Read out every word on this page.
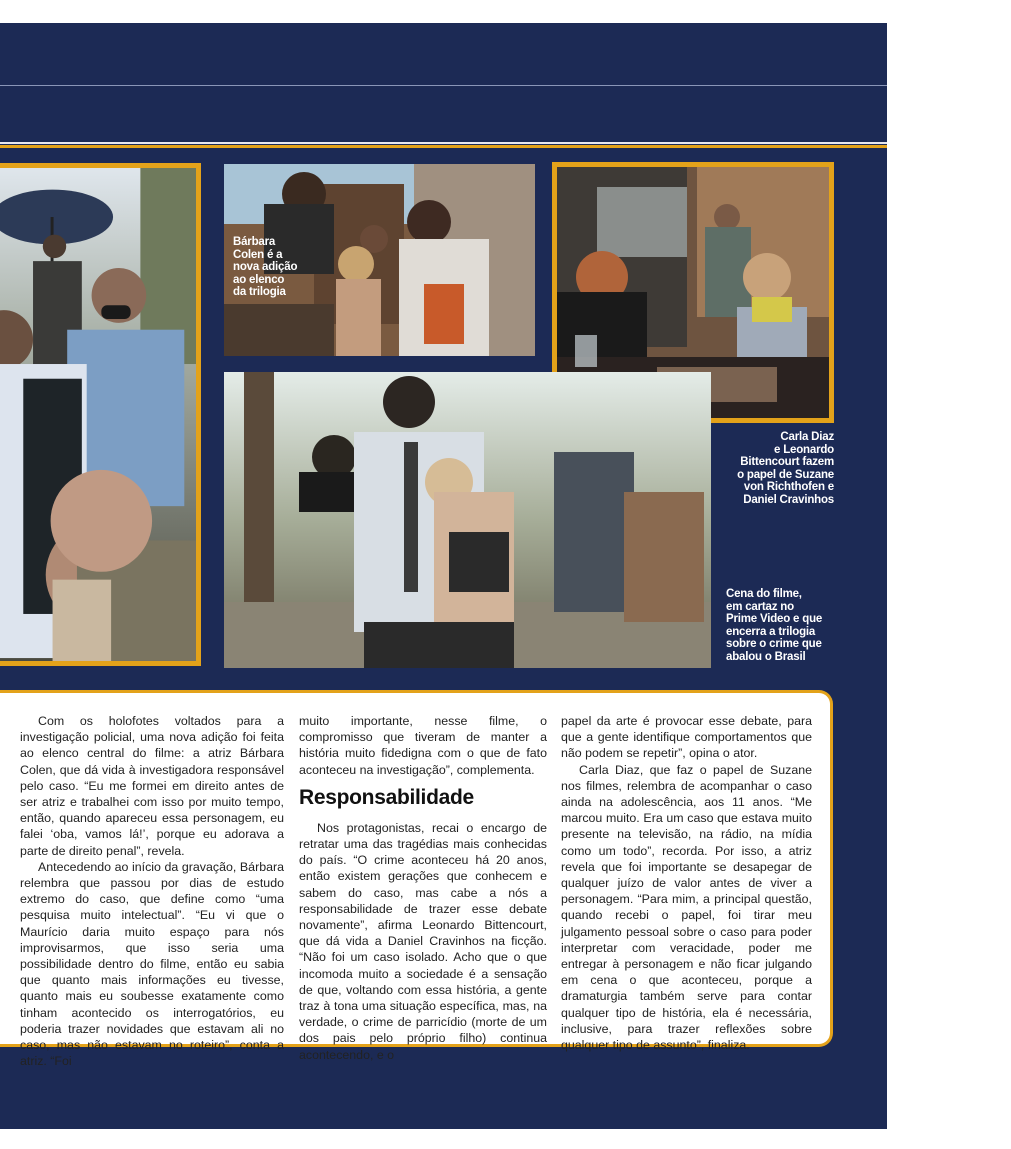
Bárbara
Colen é a
nova adição
ao elenco
da trilogia
Carla Diaz
e Leonardo
Bittencourt fazem
o papel de Suzane
von Richthofen e
Daniel Cravinhos
Cena do filme,
em cartaz no
Prime Video e que
encerra a trilogia
sobre o crime que
abalou o Brasil

Com os holofotes voltados para a investigação policial, uma nova adição foi feita ao elenco central do filme: a atriz Bárbara Colen, que dá vida à investigadora responsável pelo caso. “Eu me formei em direito antes de ser atriz e trabalhei com isso por muito tempo, então, quando apareceu essa personagem, eu falei ‘oba, vamos lá!’, porque eu adorava a parte de direito penal”, revela.

Antecedendo ao início da gravação, Bárbara relembra que passou por dias de estudo extremo do caso, que define como “uma pesquisa muito intelectual”. “Eu vi que o Maurício daria muito espaço para nós improvisarmos, que isso seria uma possibilidade dentro do filme, então eu sabia que quanto mais informações eu tivesse, quanto mais eu soubesse exatamente como tinham acontecido os interrogatórios, eu poderia trazer novidades que estavam ali no caso, mas não estavam no roteiro”, conta a atriz. “Foi

muito importante, nesse filme, o compromisso que tiveram de manter a história muito fidedigna com o que de fato aconteceu na investigação”, complementa.

Responsabilidade

Nos protagonistas, recai o encargo de retratar uma das tragédias mais conhecidas do país. “O crime aconteceu há 20 anos, então existem gerações que conhecem e sabem do caso, mas cabe a nós a responsabilidade de trazer esse debate novamente”, afirma Leonardo Bittencourt, que dá vida a Daniel Cravinhos na ficção. “Não foi um caso isolado. Acho que o que incomoda muito a sociedade é a sensação de que, voltando com essa história, a gente traz à tona uma situação específica, mas, na verdade, o crime de parricídio (morte de um dos pais pelo próprio filho) continua acontecendo, e o

papel da arte é provocar esse debate, para que a gente identifique comportamentos que não podem se repetir”, opina o ator.

Carla Diaz, que faz o papel de Suzane nos filmes, relembra de acompanhar o caso ainda na adolescência, aos 11 anos. “Me marcou muito. Era um caso que estava muito presente na televisão, na rádio, na mídia como um todo”, recorda. Por isso, a atriz revela que foi importante se desapegar de qualquer juízo de valor antes de viver a personagem. “Para mim, a principal questão, quando recebi o papel, foi tirar meu julgamento pessoal sobre o caso para poder interpretar com veracidade, poder me entregar à personagem e não ficar julgando em cena o que aconteceu, porque a dramaturgia também serve para contar qualquer tipo de história, ela é necessária, inclusive, para trazer reflexões sobre qualquer tipo de assunto”, finaliza.
